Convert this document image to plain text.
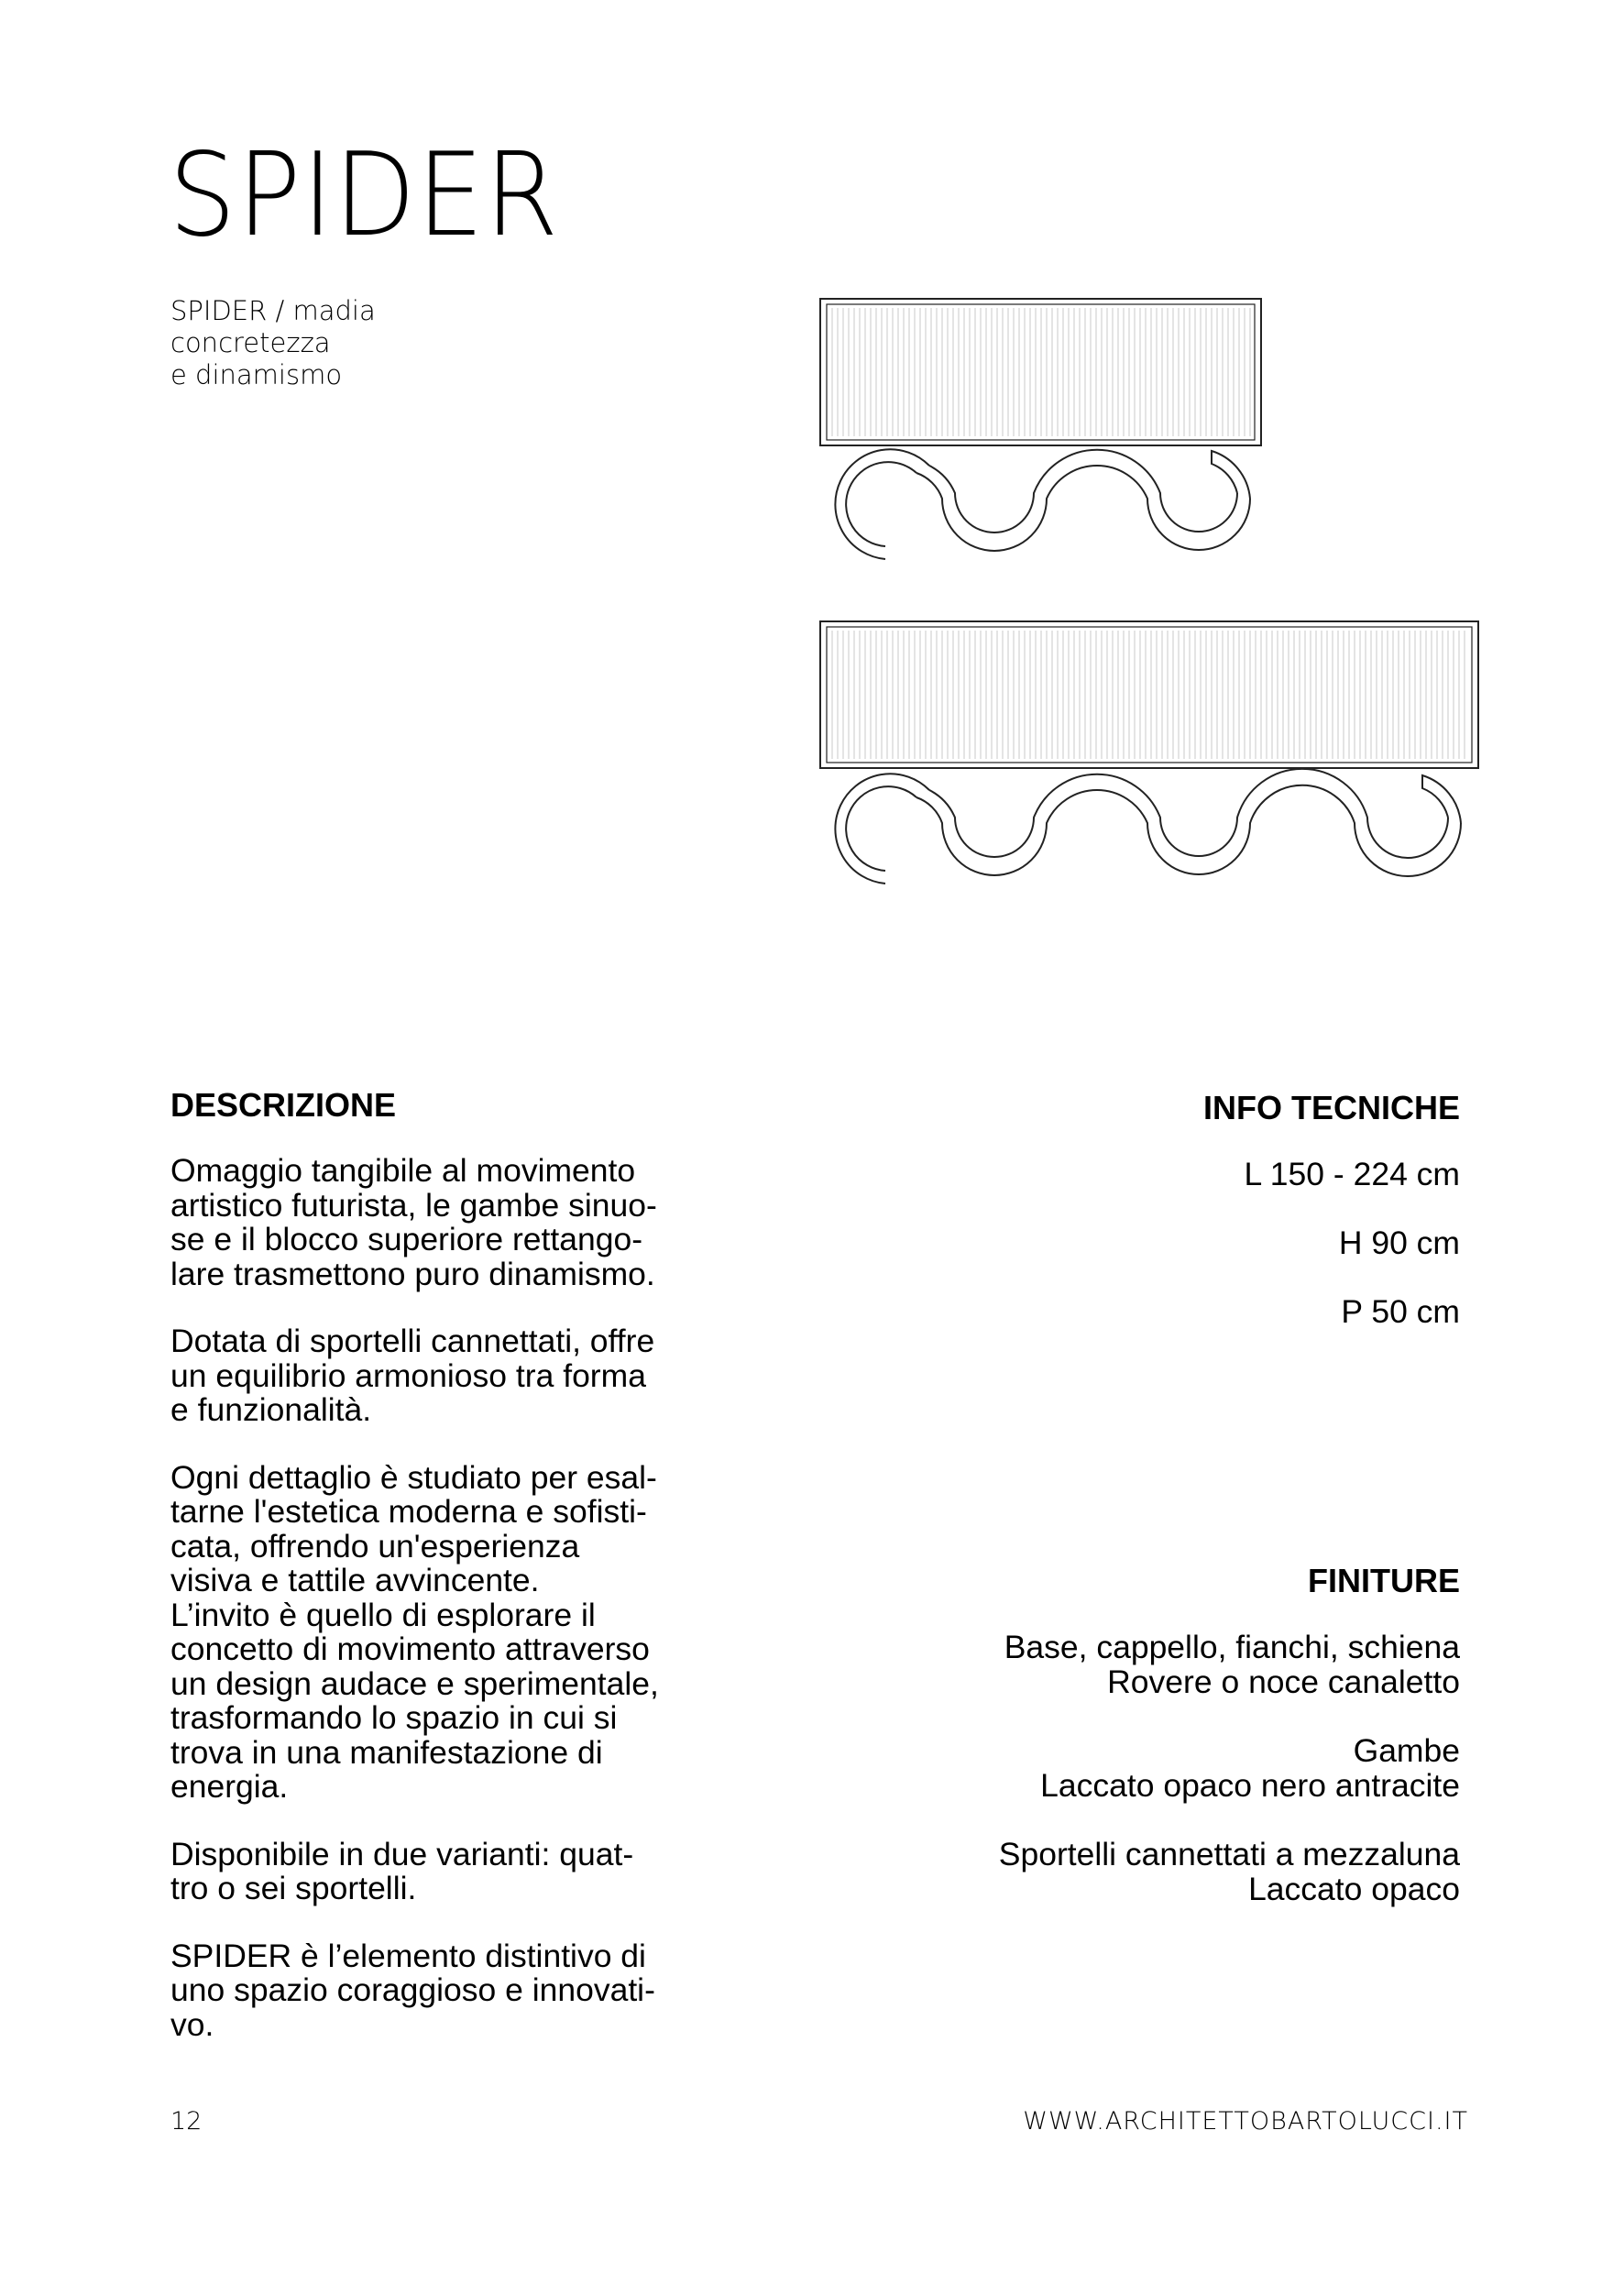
SPIDER
SPIDER / madia
concretezza
e dinamismo
DESCRIZIONE
Omaggio tangibile al movimento
artistico futurista, le gambe sinuo-
se e il blocco superiore rettango-
lare trasmettono puro dinamismo.
Dotata di sportelli cannettati, offre
un equilibrio armonioso tra forma
e funzionalità.
Ogni dettaglio è studiato per esal-
tarne l'estetica moderna e sofisti-
cata, offrendo un'esperienza
visiva e tattile avvincente.
L’invito è quello di esplorare il
concetto di movimento attraverso
un design audace e sperimentale,
trasformando lo spazio in cui si
trova in una manifestazione di
energia.
Disponibile in due varianti: quat-
tro o sei sportelli.
SPIDER è l’elemento distintivo di
uno spazio coraggioso e innovati-
vo.
INFO TECNICHE
L 150 - 224 cm
H 90 cm
P 50 cm
FINITURE
Base, cappello, fianchi, schiena
Rovere o noce canaletto
Gambe
Laccato opaco nero antracite
Sportelli cannettati a mezzaluna
Laccato opaco
12	WWW.ARCHITETTOBARTOLUCCI.IT
